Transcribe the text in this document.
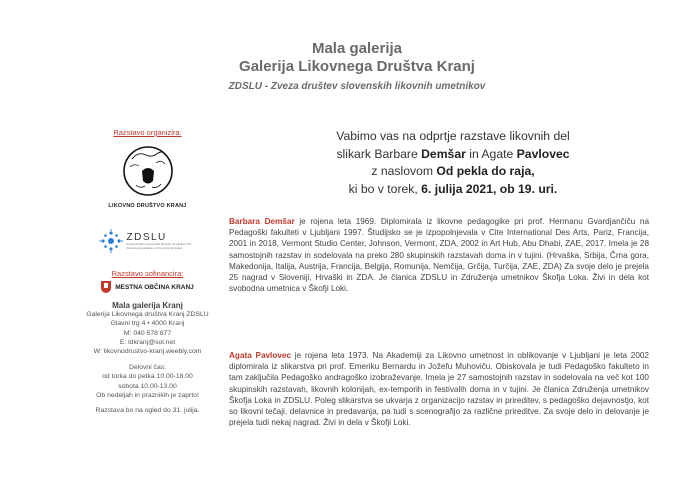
Mala galerija
Galerija Likovnega Društva Kranj
ZDSLU - Zveza društev slovenskih likovnih umetnikov
Razstavo organizira:
LIKOVNO DRUŠTVO KRANJ
ZDSLU
Zveza društev slovenskih likovnih umetnikov The Slovene Association of Fine Arts Societies
Razstavo sofinancira:
MESTNA OBČINA KRANJ
Mala galerija Kranj
Galerija Likovnega društva Kranj ZDSLU
Glavni trg 4 • 4000 Kranj
M: 040 578 877
E: ldkranj@sol.net
W: likovnodrustvo-kranj.weebly.com
Delovni čas:
od torka do petka 10.00-18.00
sobota 10.00-13.00
Ob nedeljah in praznikih je zaprto!
Razstava bo na ogled do 31. julija.
Vabimo vas na odprtje razstave likovnih del
slikark Barbare Demšar in Agate Pavlovec
z naslovom Od pekla do raja,
ki bo v torek, 6. julija 2021, ob 19. uri.
Barbara Demšar je rojena leta 1969. Diplomirala iz likovne pedagogike pri prof. Hermanu Gvardjančiču na Pedagoški fakulteti v Ljubljani 1997. Študijsko se je izpopolnjevala v Cite International Des Arts, Pariz, Francija, 2001 in 2018, Vermont Studio Center, Johnson, Vermont, ZDA, 2002 in Art Hub, Abu Dhabi, ZAE, 2017. Imela je 28 samostojnih razstav in sodelovala na preko 280 skupinskih razstavah doma in v tujini. (Hrvaška, Srbija, Črna gora, Makedonija, Italija, Austrija, Francija, Belgija, Romunija, Nemčija, Grčija, Turčija, ZAE, ZDA) Za svoje delo je prejela 25 nagrad v Sloveniji, Hrvaški in ZDA. Je članica ZDSLU in Združenja umetnikov Škofja Loka. Živi in dela kot svobodna umetnica v Škofji Loki.
Agata Pavlovec je rojena leta 1973. Na Akademiji za Likovno umetnost in oblikovanje v Ljubljani je leta 2002 diplomirala iz slikarstva pri prof. Emeriku Bernardu in Jožefu Muhoviču. Obiskovala je tudi Pedagoško fakulteto in tam zaključila Pedagoško andragoško izobraževanje. Imela je 27 samostojnih razstav in sodelovala na več kot 100 skupinskih razstavah, likovnih kolonijah, ex-temporih in festivalih doma in v tujini. Je članica Združenja umetnikov Škofja Loka in ZDSLU. Poleg slikarstva se ukvarja z organizacijo razstav in prireditev, s pedagoško dejavnostjo, kot so likovni tečaji, delavnice in predavanja, pa tudi s scenografijo za različne prireditve. Za svoje delo in delovanje je prejela tudi nekaj nagrad. Živi in dela v Škofji Loki.
